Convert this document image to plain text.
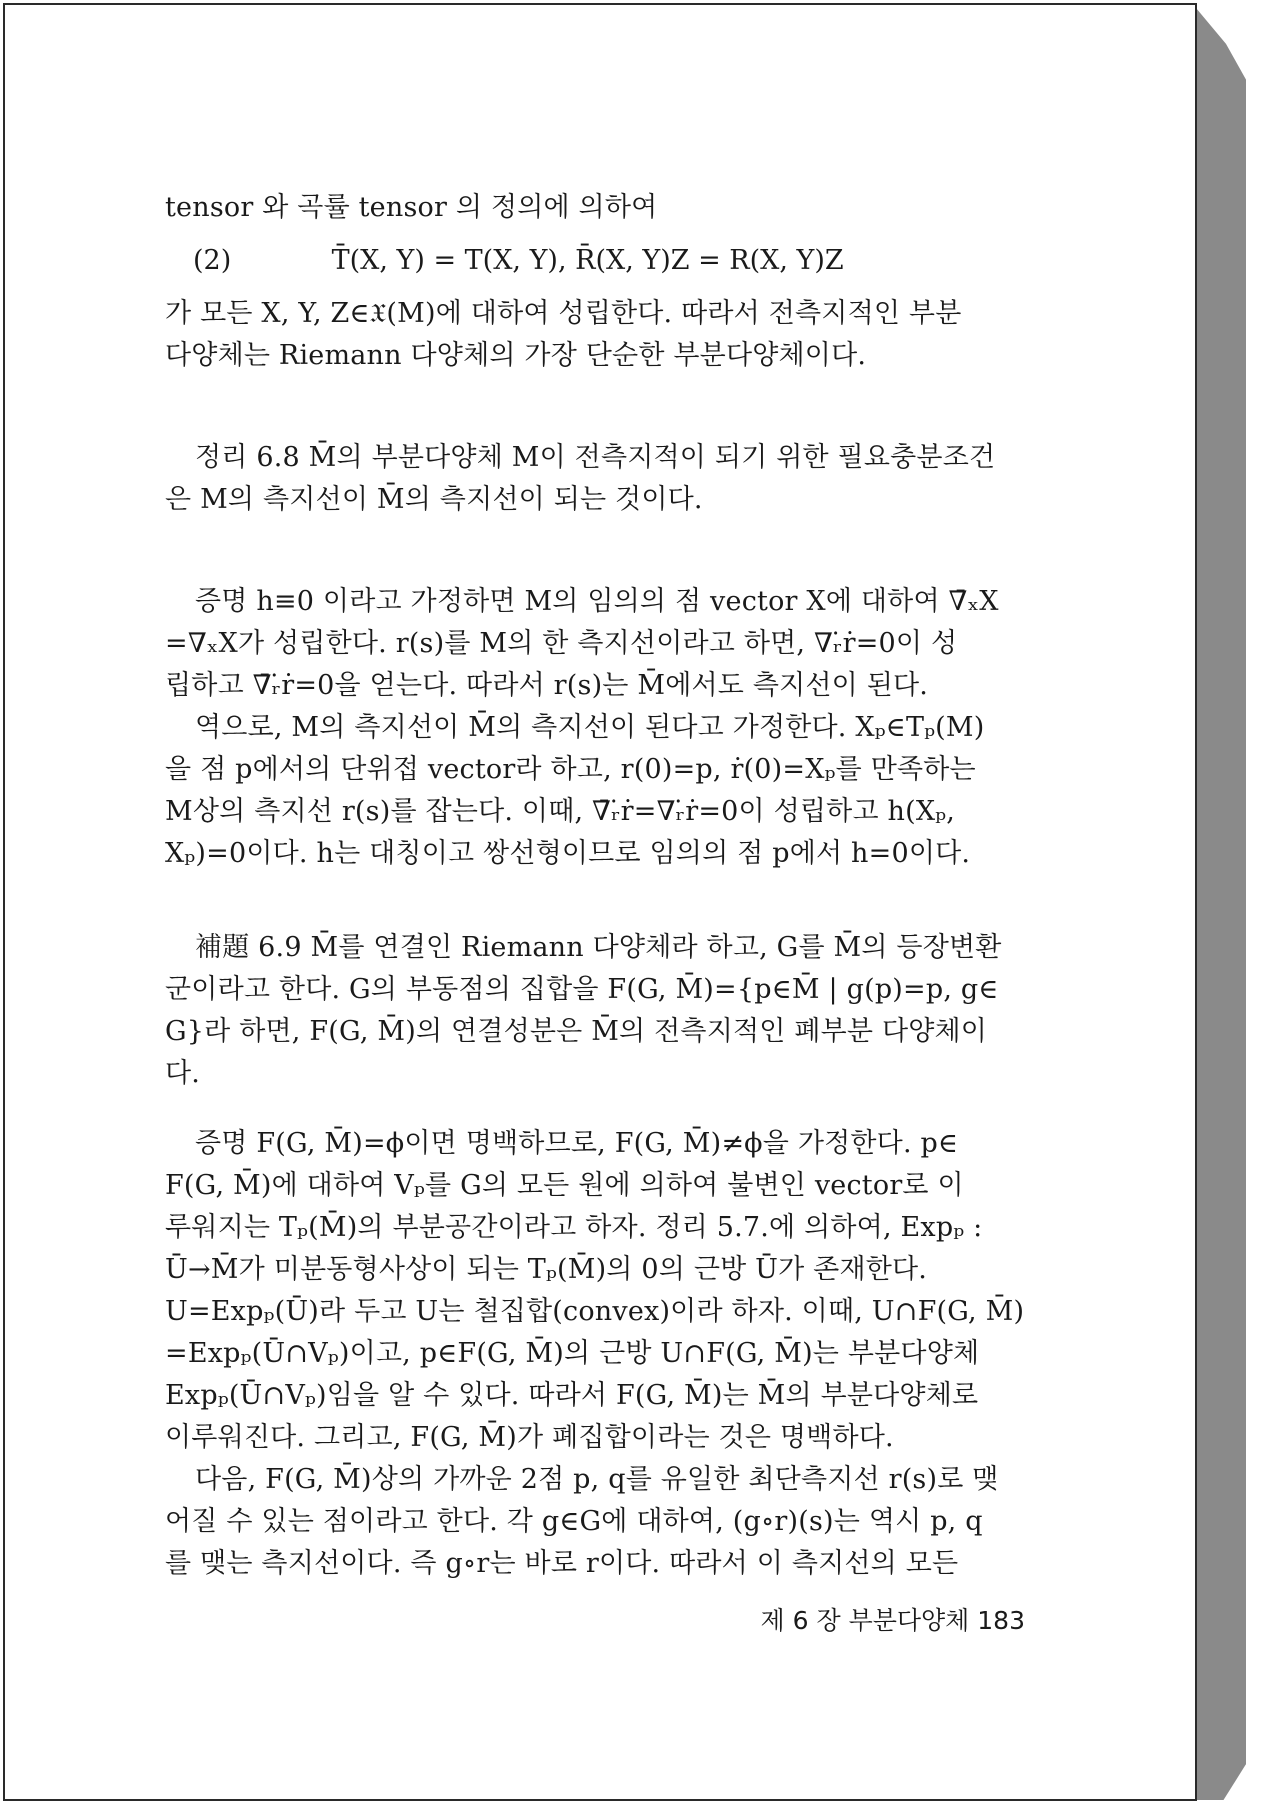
tensor 와 곡률 tensor 의 정의에 의하여

(2)	T̄(X, Y) = T(X, Y), R̄(X, Y)Z = R(X, Y)Z

가 모든 X, Y, Z∈𝔛(M)에 대하여 성립한다. 따라서 전측지적인 부분

다양체는 Riemann 다양체의 가장 단순한 부분다양체이다.

정리 6.8 M̄의 부분다양체 M이 전측지적이 되기 위한 필요충분조건

은 M의 측지선이 M̄의 측지선이 되는 것이다.

증명 h≡0 이라고 가정하면 M의 임의의 점 vector X에 대하여 ∇̄ₓX

=∇ₓX가 성립한다. r(s)를 M의 한 측지선이라고 하면, ∇ᵣ̇ṙ=0이 성

립하고 ∇̄ᵣ̇ṙ=0을 얻는다. 따라서 r(s)는 M̄에서도 측지선이 된다.

역으로, M의 측지선이 M̄의 측지선이 된다고 가정한다. Xₚ∈Tₚ(M)

을 점 p에서의 단위접 vector라 하고, r(0)=p, ṙ(0)=Xₚ를 만족하는

M상의 측지선 r(s)를 잡는다. 이때, ∇̄ᵣ̇ṙ=∇ᵣ̇ṙ=0이 성립하고 h(Xₚ,

Xₚ)=0이다. h는 대칭이고 쌍선형이므로 임의의 점 p에서 h=0이다.

補題 6.9 M̄를 연결인 Riemann 다양체라 하고, G를 M̄의 등장변환

군이라고 한다. G의 부동점의 집합을 F(G, M̄)={p∈M̄ | g(p)=p, g∈

G}라 하면, F(G, M̄)의 연결성분은 M̄의 전측지적인 폐부분 다양체이

다.

증명 F(G, M̄)=ϕ이면 명백하므로, F(G, M̄)≠ϕ을 가정한다. p∈

F(G, M̄)에 대하여 Vₚ를 G의 모든 원에 의하여 불변인 vector로 이

루워지는 Tₚ(M̄)의 부분공간이라고 하자. 정리 5.7.에 의하여, Expₚ :

Ū→M̄가 미분동형사상이 되는 Tₚ(M̄)의 0의 근방 Ū가 존재한다.

U=Expₚ(Ū)라 두고 U는 철집합(convex)이라 하자. 이때, U∩F(G, M̄)

=Expₚ(Ū∩Vₚ)이고, p∈F(G, M̄)의 근방 U∩F(G, M̄)는 부분다양체

Expₚ(Ū∩Vₚ)임을 알 수 있다. 따라서 F(G, M̄)는 M̄의 부분다양체로

이루워진다. 그리고, F(G, M̄)가 폐집합이라는 것은 명백하다.

다음, F(G, M̄)상의 가까운 2점 p, q를 유일한 최단측지선 r(s)로 맺

어질 수 있는 점이라고 한다. 각 g∈G에 대하여, (g∘r)(s)는 역시 p, q

를 맺는 측지선이다. 즉 g∘r는 바로 r이다. 따라서 이 측지선의 모든

제 6 장 부분다양체 183
